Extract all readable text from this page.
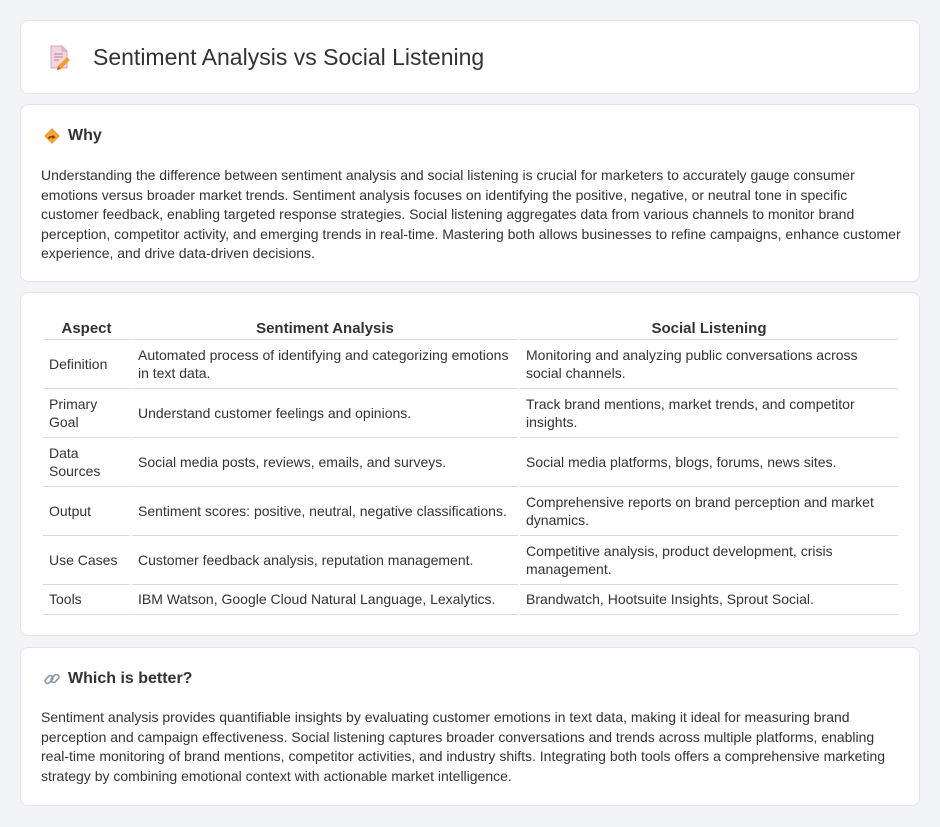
Sentiment Analysis vs Social Listening
Why

Understanding the difference between sentiment analysis and social listening is crucial for marketers to accurately gauge consumer emotions versus broader market trends. Sentiment analysis focuses on identifying the positive, negative, or neutral tone in specific customer feedback, enabling targeted response strategies. Social listening aggregates data from various channels to monitor brand perception, competitor activity, and emerging trends in real-time. Mastering both allows businesses to refine campaigns, enhance customer experience, and drive data-driven decisions.

Aspect	Sentiment Analysis	Social Listening
Definition	Automated process of identifying and categorizing emotions in text data.	Monitoring and analyzing public conversations across social channels.
Primary Goal	Understand customer feelings and opinions.	Track brand mentions, market trends, and competitor insights.
Data Sources	Social media posts, reviews, emails, and surveys.	Social media platforms, blogs, forums, news sites.
Output	Sentiment scores: positive, neutral, negative classifications.	Comprehensive reports on brand perception and market dynamics.
Use Cases	Customer feedback analysis, reputation management.	Competitive analysis, product development, crisis management.
Tools	IBM Watson, Google Cloud Natural Language, Lexalytics.	Brandwatch, Hootsuite Insights, Sprout Social.
Which is better?

Sentiment analysis provides quantifiable insights by evaluating customer emotions in text data, making it ideal for measuring brand perception and campaign effectiveness. Social listening captures broader conversations and trends across multiple platforms, enabling real-time monitoring of brand mentions, competitor activities, and industry shifts. Integrating both tools offers a comprehensive marketing strategy by combining emotional context with actionable market intelligence.
